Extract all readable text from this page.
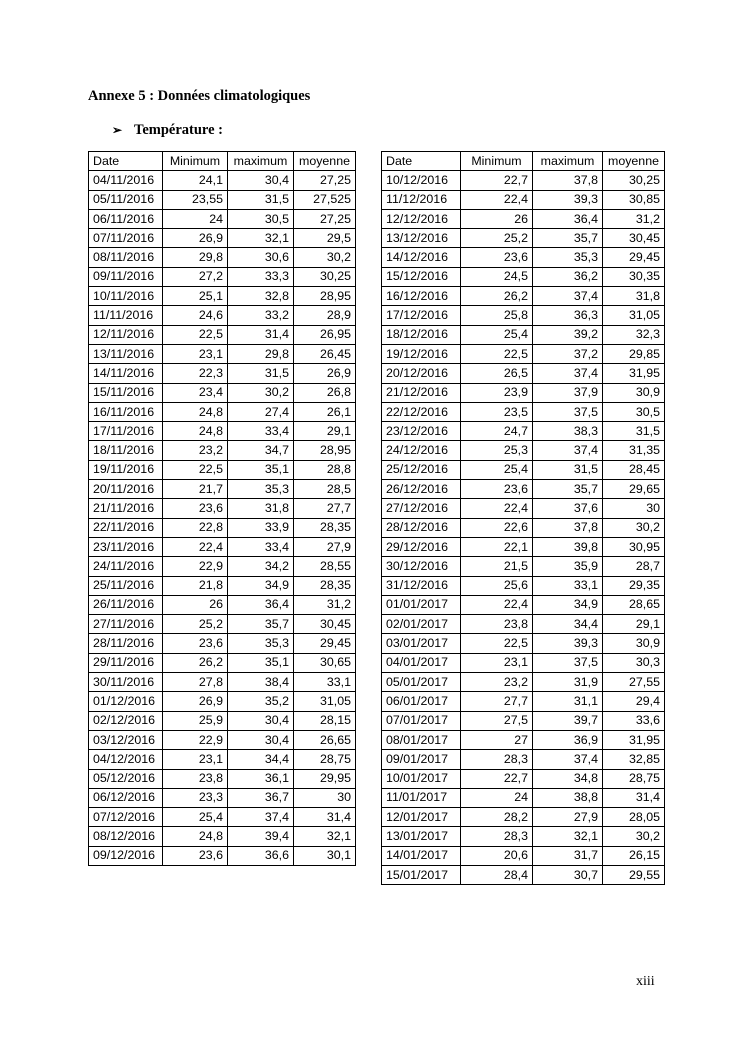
Annexe 5 : Données climatologiques
➢ Température :
Date	Minimum	maximum	moyenne
04/11/2016	24,1	30,4	27,25
05/11/2016	23,55	31,5	27,525
06/11/2016	24	30,5	27,25
07/11/2016	26,9	32,1	29,5
08/11/2016	29,8	30,6	30,2
09/11/2016	27,2	33,3	30,25
10/11/2016	25,1	32,8	28,95
11/11/2016	24,6	33,2	28,9
12/11/2016	22,5	31,4	26,95
13/11/2016	23,1	29,8	26,45
14/11/2016	22,3	31,5	26,9
15/11/2016	23,4	30,2	26,8
16/11/2016	24,8	27,4	26,1
17/11/2016	24,8	33,4	29,1
18/11/2016	23,2	34,7	28,95
19/11/2016	22,5	35,1	28,8
20/11/2016	21,7	35,3	28,5
21/11/2016	23,6	31,8	27,7
22/11/2016	22,8	33,9	28,35
23/11/2016	22,4	33,4	27,9
24/11/2016	22,9	34,2	28,55
25/11/2016	21,8	34,9	28,35
26/11/2016	26	36,4	31,2
27/11/2016	25,2	35,7	30,45
28/11/2016	23,6	35,3	29,45
29/11/2016	26,2	35,1	30,65
30/11/2016	27,8	38,4	33,1
01/12/2016	26,9	35,2	31,05
02/12/2016	25,9	30,4	28,15
03/12/2016	22,9	30,4	26,65
04/12/2016	23,1	34,4	28,75
05/12/2016	23,8	36,1	29,95
06/12/2016	23,3	36,7	30
07/12/2016	25,4	37,4	31,4
08/12/2016	24,8	39,4	32,1
09/12/2016	23,6	36,6	30,1
Date	Minimum	maximum	moyenne
10/12/2016	22,7	37,8	30,25
11/12/2016	22,4	39,3	30,85
12/12/2016	26	36,4	31,2
13/12/2016	25,2	35,7	30,45
14/12/2016	23,6	35,3	29,45
15/12/2016	24,5	36,2	30,35
16/12/2016	26,2	37,4	31,8
17/12/2016	25,8	36,3	31,05
18/12/2016	25,4	39,2	32,3
19/12/2016	22,5	37,2	29,85
20/12/2016	26,5	37,4	31,95
21/12/2016	23,9	37,9	30,9
22/12/2016	23,5	37,5	30,5
23/12/2016	24,7	38,3	31,5
24/12/2016	25,3	37,4	31,35
25/12/2016	25,4	31,5	28,45
26/12/2016	23,6	35,7	29,65
27/12/2016	22,4	37,6	30
28/12/2016	22,6	37,8	30,2
29/12/2016	22,1	39,8	30,95
30/12/2016	21,5	35,9	28,7
31/12/2016	25,6	33,1	29,35
01/01/2017	22,4	34,9	28,65
02/01/2017	23,8	34,4	29,1
03/01/2017	22,5	39,3	30,9
04/01/2017	23,1	37,5	30,3
05/01/2017	23,2	31,9	27,55
06/01/2017	27,7	31,1	29,4
07/01/2017	27,5	39,7	33,6
08/01/2017	27	36,9	31,95
09/01/2017	28,3	37,4	32,85
10/01/2017	22,7	34,8	28,75
11/01/2017	24	38,8	31,4
12/01/2017	28,2	27,9	28,05
13/01/2017	28,3	32,1	30,2
14/01/2017	20,6	31,7	26,15
15/01/2017	28,4	30,7	29,55
xiii
